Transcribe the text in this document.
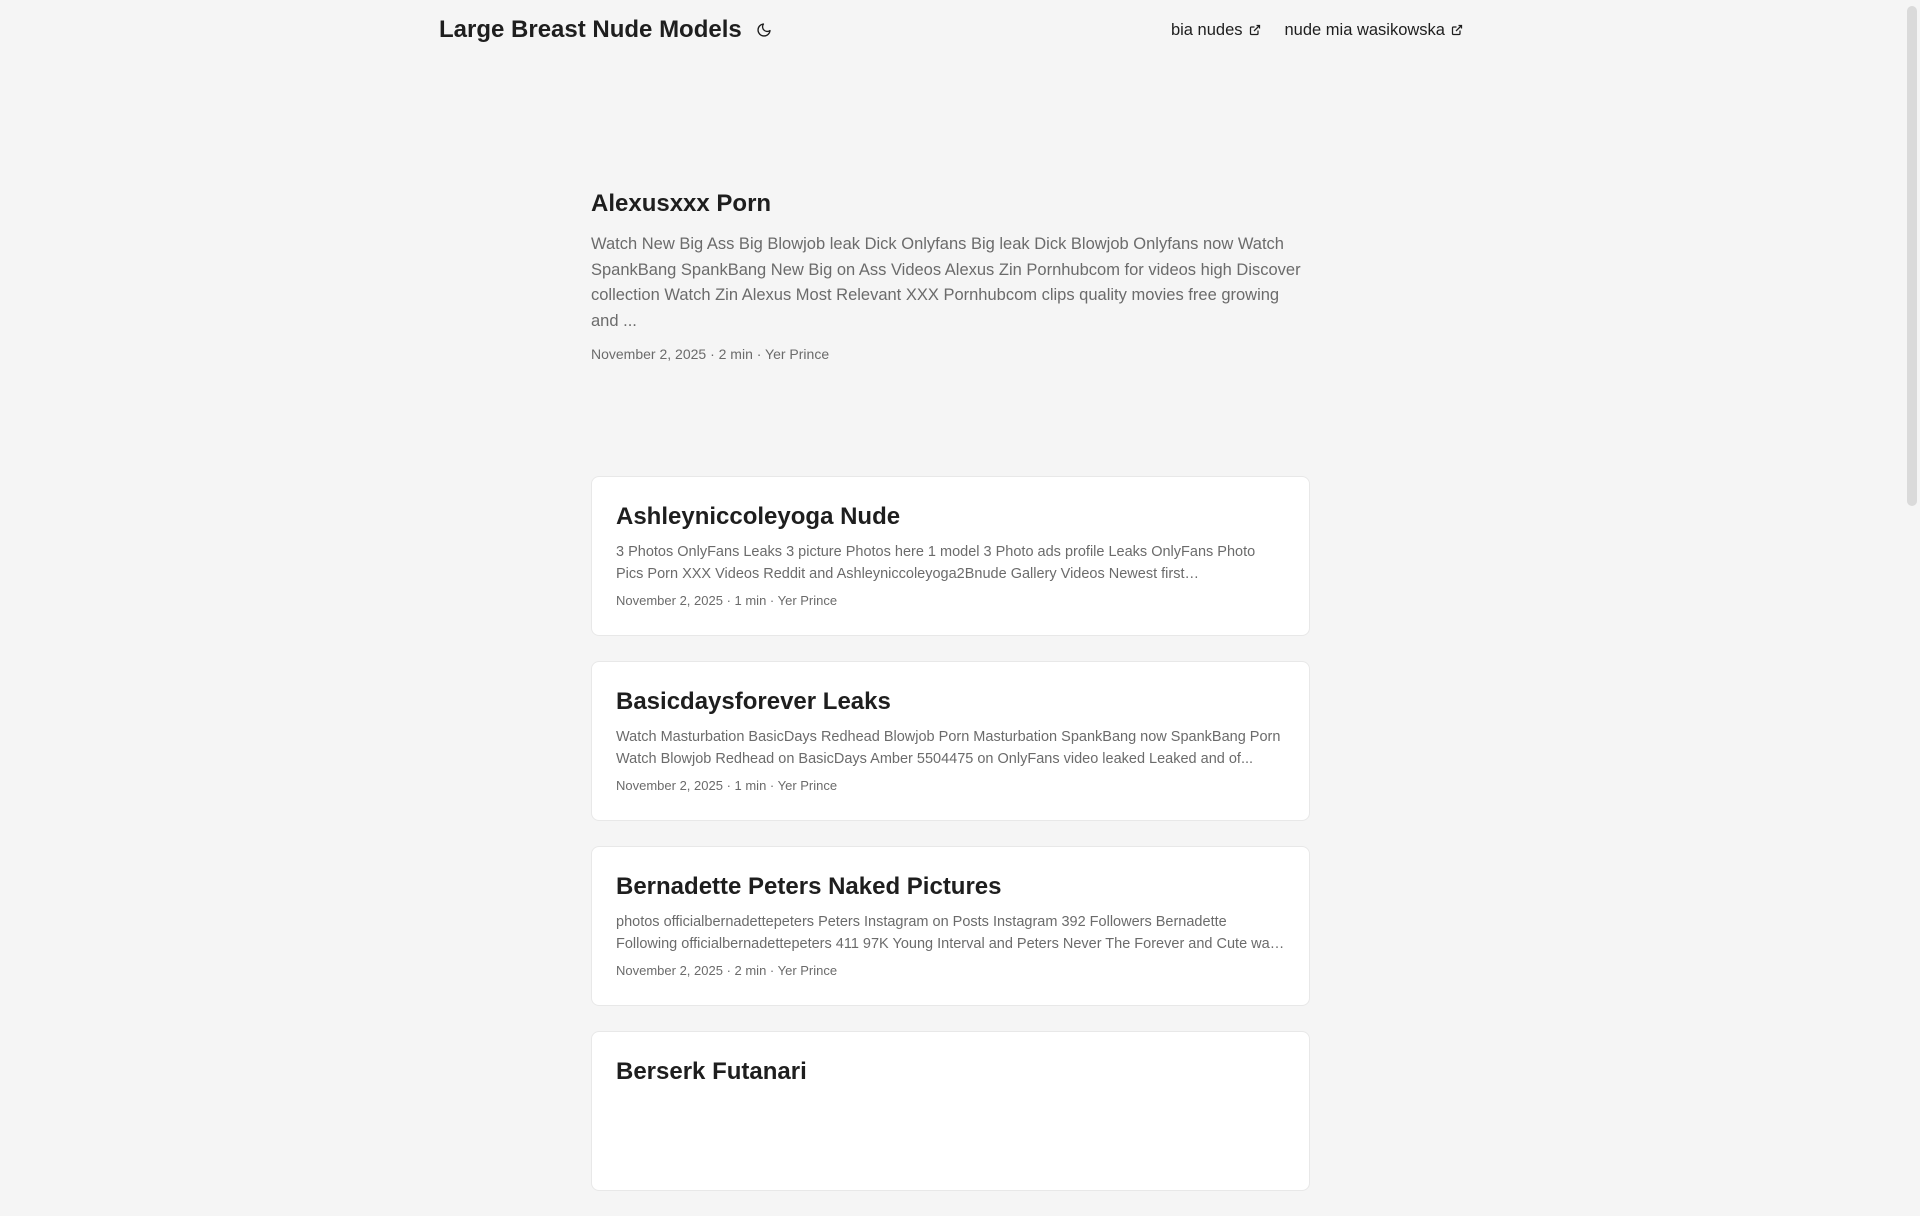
Large Breast Nude Models	bia nudes	nude mia wasikowska
Alexusxxx Porn
Watch New Big Ass Big Blowjob leak Dick Onlyfans Big leak Dick Blowjob Onlyfans now Watch SpankBang SpankBang New Big on Ass Videos Alexus Zin Pornhubcom for videos high Discover collection Watch Zin Alexus Most Relevant XXX Pornhubcom clips quality movies free growing and ...
November 2, 2025 · 2 min · Yer Prince
Ashleyniccoleyoga Nude
3 Photos OnlyFans Leaks 3 picture Photos here 1 model 3 Photo ads profile Leaks OnlyFans Photo Pics Porn XXX Videos Reddit and Ashleyniccoleyoga2Bnude Gallery Videos Newest first
November 2, 2025 · 1 min · Yer Prince
Basicdaysforever Leaks
Watch Masturbation BasicDays Redhead Blowjob Porn Masturbation SpankBang now SpankBang Porn Watch Blowjob Redhead on BasicDays Amber 5504475 on OnlyFans video leaked Leaked and of...
November 2, 2025 · 1 min · Yer Prince
Bernadette Peters Naked Pictures
photos officialbernadettepeters Peters Instagram on Posts Instagram 392 Followers Bernadette Following officialbernadettepeters 411 97K Young Interval and Peters Never The Forever and Cute was
November 2, 2025 · 2 min · Yer Prince
Berserk Futanari
